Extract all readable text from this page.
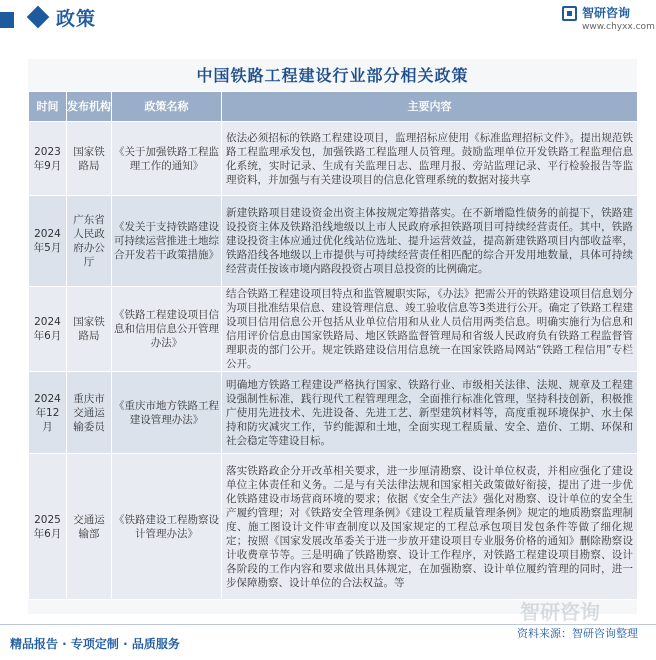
政策	智研咨询
www.chyxx.com
中国铁路工程建设行业部分相关政策
时间	发布机构	政策名称	主要内容
2023年9月	国家铁路局	《关于加强铁路工程监理工作的通知》	依法必须招标的铁路工程建设项目，监理招标应使用《标准监理招标文件》。提出规范铁路工程监理承发包，加强铁路工程监理人员管理。鼓励监理单位开发铁路工程监理信息化系统，实时记录、生成有关监理日志、监理月报、旁站监理记录、平行检验报告等监理资料，并加强与有关建设项目的信息化管理系统的数据对接共享
2024年5月	广东省人民政府办公厅	《发关于支持铁路建设可持续运营推进土地综合开发若干政策措施》	新建铁路项目建设资金出资主体按规定筹措落实。在不新增隐性债务的前提下，铁路建设投资主体及铁路沿线地级以上市人民政府承担铁路项目可持续经营责任。其中，铁路建设投资主体应通过优化线站位选址、提升运营效益，提高新建铁路项目内部收益率，铁路沿线各地级以上市提供与可持续经营责任相匹配的综合开发用地数量，具体可持续经营责任按该市境内路段投资占项目总投资的比例确定。
2024年6月	国家铁路局	《铁路工程建设项目信息和信用信息公开管理办法》	结合铁路工程建设项目特点和监管履职实际，《办法》把需公开的铁路建设项目信息划分为项目批准结果信息、建设管理信息、竣工验收信息等3类进行公开。确定了铁路工程建设项目信用信息公开包括从业单位信用和从业人员信用两类信息。明确实施行为信息和信用评价信息由国家铁路局、地区铁路监督管理局和省级人民政府负有铁路工程监督管理职责的部门公开。规定铁路建设信用信息统一在国家铁路局网站“铁路工程信用”专栏公开。
2024年12月	重庆市交通运输委员	《重庆市地方铁路工程建设管理办法》	明确地方铁路工程建设严格执行国家、铁路行业、市级相关法律、法规、规章及工程建设强制性标准，践行现代工程管理理念，全面推行标准化管理，坚持科技创新，积极推广使用先进技术、先进设备、先进工艺、新型建筑材料等，高度重视环境保护、水土保持和防灾减灾工作，节约能源和土地，全面实现工程质量、安全、造价、工期、环保和社会稳定等建设目标。
2025年6月	交通运输部	《铁路建设工程勘察设计管理办法》	落实铁路政企分开改革相关要求，进一步厘清勘察、设计单位权责，并相应强化了建设单位主体责任和义务。二是与有关法律法规和国家相关政策做好衔接，提出了进一步优化铁路建设市场营商环境的要求；依据《安全生产法》强化对勘察、设计单位的安全生产履约管理；对《铁路安全管理条例》《建设工程质量管理条例》规定的地质勘察监理制度、施工图设计文件审查制度以及国家规定的工程总承包项目发包条件等做了细化规定；按照《国家发展改革委关于进一步放开建设项目专业服务价格的通知》删除勘察设计收费章节等。三是明确了铁路勘察、设计工作程序，对铁路工程建设项目勘察、设计各阶段的工作内容和要求做出具体规定，在加强勘察、设计单位履约管理的同时，进一步保障勘察、设计单位的合法权益。等
智研咨询
精品报告 · 专项定制 · 品质服务
资料来源：智研咨询整理
